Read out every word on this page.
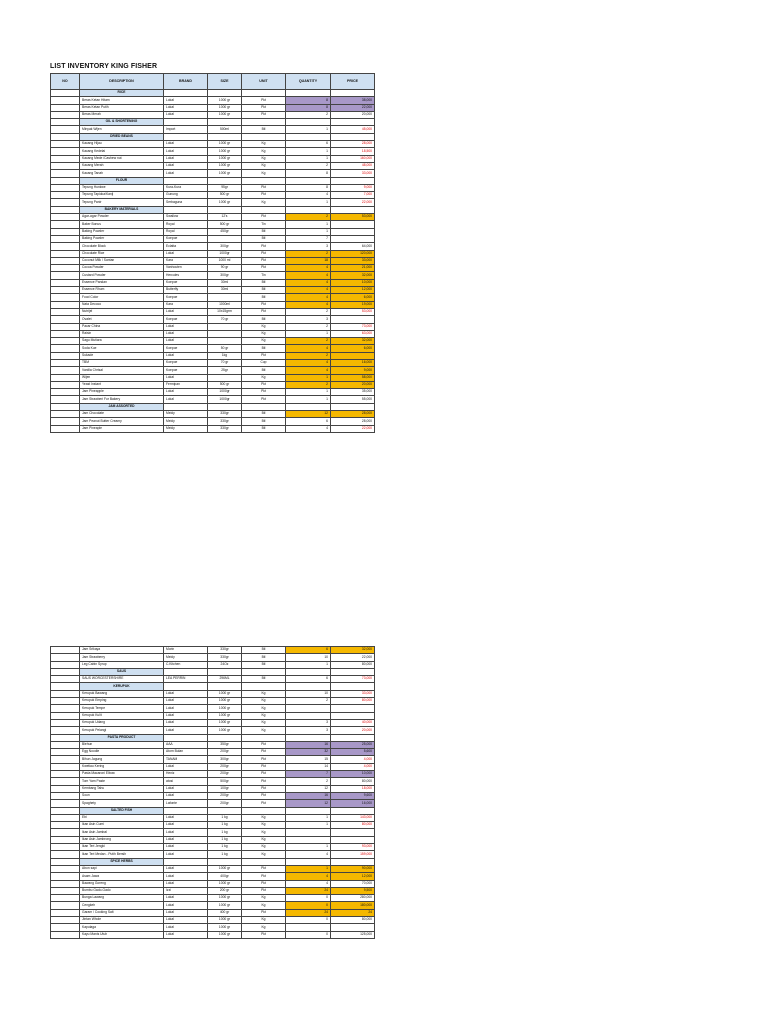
LIST INVENTORY KING FISHER
NO	DESCRIPTION	BRAND	SIZE	UNIT	QUANTITY	PRICE
	RICE					
	Beras Ketan Hitam	Lokal	1000 gr	Pkt	8	38,000
	Beras Ketan Putih	Lokal	1000 gr	Pkt	8	22,000
	Beras Merah	Lokal	1000 gr	Pkt	2	20,000
	OIL & SHORTENING					
	Minyak Wijen	Import	500ml	Btl	1	45,000
	DRIED BEANS					
	Kacang Hijau	Lokal	1000 gr	Kg	6	28,000
	Kacang Kedelai	Lokal	1000 gr	Kg	1	18,500
	Kacang Mede /Cashew nut	Lokal	1000 gr	Kg	1	160,000
	Kacang Merah	Lokal	1000 gr	Kg	2	48,000
	Kacang Tanah	Lokal	1000 gr	Kg	8	33,000
	FLOUR					
	Tepung Hunkwe	Kura-Kura	95gr	Pkt	8	9,000
	Tepung Tapioka/Kanji	Gunung	500 gr	Pkt	4	7,000
	Tepung Panir	Serbaguna	1000 gr	Kg	1	22,000
	BAKERY MATERIALS					
	Agar-agar Powder	Swallow	12's	Pkt	2	53,000
	Baker Bonus	Royal	500 gr	Tin	1	
	Baking Powder	Royal	450gr	Btl	1	
	Baking Powder	Koepoe		Btl	7	
	Chocolate Block	Eclatta	300gr	Pkt	3	64,000
	Chocolate Rice	Lokal	1000gr	Pkt	2	120,000
	Coconut Milk / Santan	Kara	1000 ml	Pkt	18	33,000
	Cocoa Powder	Vanhouten	90 gr	Pkt	4	21,000
	Custard Powder	Hercules	300gr	Tin	4	32,000
	Essence Pandan	Koepoe	30ml	Btl	4	10,000
	Essence Rhum	Butterfly	30ml	Btl	4	12,000
	Food Color	Koepoe		Btl	4	6,000
	Nata Decoco	Kara	1000ml	Pkt	4	19,000
	Nutrijel	Lokal	10x15grm	Pkt	2	53,000
	Ovalet	Koepoe	70 gr	Btl	3	
	Pacar China	Lokal		Kg	2	73,000
	Raisin	Lokal		Kg	1	63,000
	Sagu Mutiara	Lokal		Kg	2	32,000
	Soda Kue	Koepoe	50 gr	Btl	4	6,000
	Sukade	Lokal	1kg	Pkt	2	
	TBM	Koepoe	70 gr	Cup	4	16,000
	Vanilla Chrisal	Koepoe	25gr	Btl	4	9,000
	Wijen	Lokal		Kg	1	58,000
	Yeast Instant	Fermipan	500 gr	Pkt	2	20,000
	Jam Pineapple	Lokal	1000gr	Pkt	1	35,000
	Jam Strawberi For Bakery	Lokal	1000gr	Pkt	1	55,000
	JAM ASSORTED					
	Jam Chocolate	Meidy	330gr	Btl	12	28,000
	Jam Peanut Butter Creamy	Meidy	330gr	Btl	6	28,000
	Jam Pineaple	Meidy	330gr	Btl	4	22,000
	Jam Srikaya	Morin	330gr	Btl	6	32,000
	Jam Strawberry	Meidy	330gr	Btl	10	22,000
	Leg Cabin Syrup	C.Kitchen	24Oz	Btl	1	80,000
	SAUS					
	SAUS WORCESTERSHIRE	LEA PERRIN	296ML	Btl	6	73,000
	KERUPUK					
	Kerupuk Bawang	Lokal	1000 gr	Kg	10	33,000
	Kerupuk Emping	Lokal	1000 gr	Kg	2	80,000
	Kerupuk Tempe	Lokal	1000 gr	Kg		
	Kerupuk Kulit	Lokal	1000 gr	Kg		
	Kerupuk Udang	Lokal	1000 gr	Kg	3	40,000
	Kerupuk Pelangi	Lokal	1000 gr	Kg	3	20,000
	PASTA PRODUCT					
	Bi​ehun	AAA	350gr	Pkt	16	25,000
	Egg Noodle	Atom Bulan	200gr	Pkt	32	5,600
	Bihun Jagung	TANAM	300gr	Pkt	15	4,000
	Kwetiau Kering	Lokal	200gr	Pkt	14	4,000
	Pasta Macaroni Elbow	Heniz	200gr	Pkt	7	10,000
	Tom Yam Paste	atosi	500gr	Pkt	2	80,000
	Kembang Tahu	Lokal	100gr	Pkt	12	18,000
	Soun	Lokal	200gr	Pkt	16	9,600
	Spaghety	Lafonte	200gr	Pkt	12	16,000
	SALTED FISH					
	Ebi	Lokal	1 kg	Kg	1	143,000
	Ikan Asin Cumi	Lokal	1 kg	Kg	1	80,000
	Ikan Asin Jambal	Lokal	1 kg	Kg		
	Ikan Asin Jambrong	Lokal	1 kg	Kg		
	Ikan Teri Jengki	Lokal	1 kg	Kg	1	93,000
	Ikan Teri Medan - Putih Bersih	Lokal	1 kg	Kg	4	159,000
	SPICE HERBS					
	Abon sapi	Lokal	1000 gr	Pkt	1	90,000
	Asam Jawa	Lokal	400gr	Pkt	4	12,000
	Bawang Goreng	Lokal	1000 gr	Pkt	4	70,000
	Bumbu Gado-Gado	Izzi	200 gr	Pkt	24	9,500
	Bunga Lawang	Lokal	1000 gr	Kg	0	280,000
	Cengkeh	Lokal	1000 gr	Kg	0	180,000
	Garam / Cooking Salt	Lokal	400 gr	Pkt	24	24
	Jintan Whole	Lokal	1000 gr	Kg	0	80,000
	Kapulaga	Lokal	1000 gr	Kg		
	Kayu Manis Utuh	Lokal	1000 gr	Pkt	0	125,000
